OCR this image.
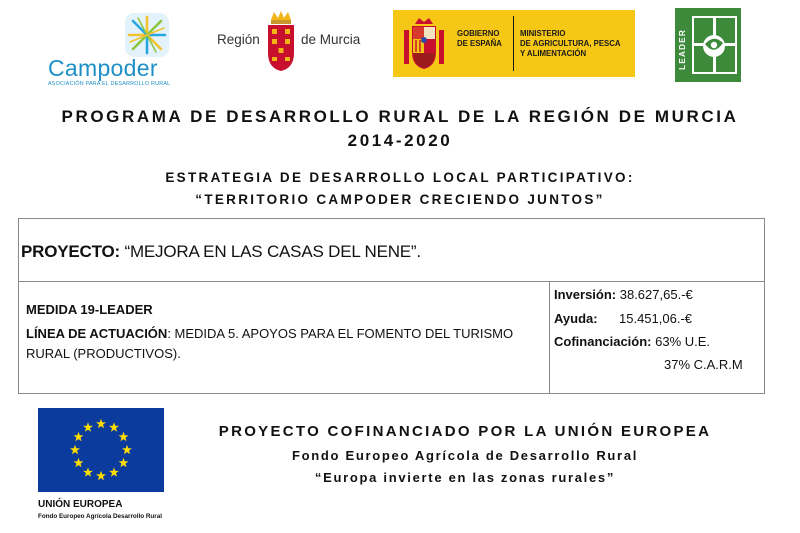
Campoder
ASOCIACIÓN PARA EL DESARROLLO RURAL
Región	de Murcia	GOBIERNO
DE ESPAÑA
MINISTERIO
DE AGRICULTURA, PESCA
Y ALIMENTACIÓN	LEADER
PROGRAMA DE DESARROLLO RURAL DE LA REGIÓN DE MURCIA
2014-2020
ESTRATEGIA DE DESARROLLO LOCAL PARTICIPATIVO:
“TERRITORIO CAMPODER CRECIENDO JUNTOS”
PROYECTO: “MEJORA EN LAS CASAS DEL NENE”.
MEDIDA 19-LEADER
LÍNEA DE ACTUACIÓN: MEDIDA 5. APOYOS PARA EL FOMENTO DEL TURISMO RURAL (PRODUCTIVOS).
Inversión: 38.627,65.-€
Ayuda: 15.451,06.-€
Cofinanciación: 63% U.E.
37% C.A.R.M
UNIÓN EUROPEA
Fondo Europeo Agrícola Desarrollo Rural
PROYECTO COFINANCIADO POR LA UNIÓN EUROPEA
Fondo Europeo Agrícola de Desarrollo Rural
“Europa invierte en las zonas rurales”
